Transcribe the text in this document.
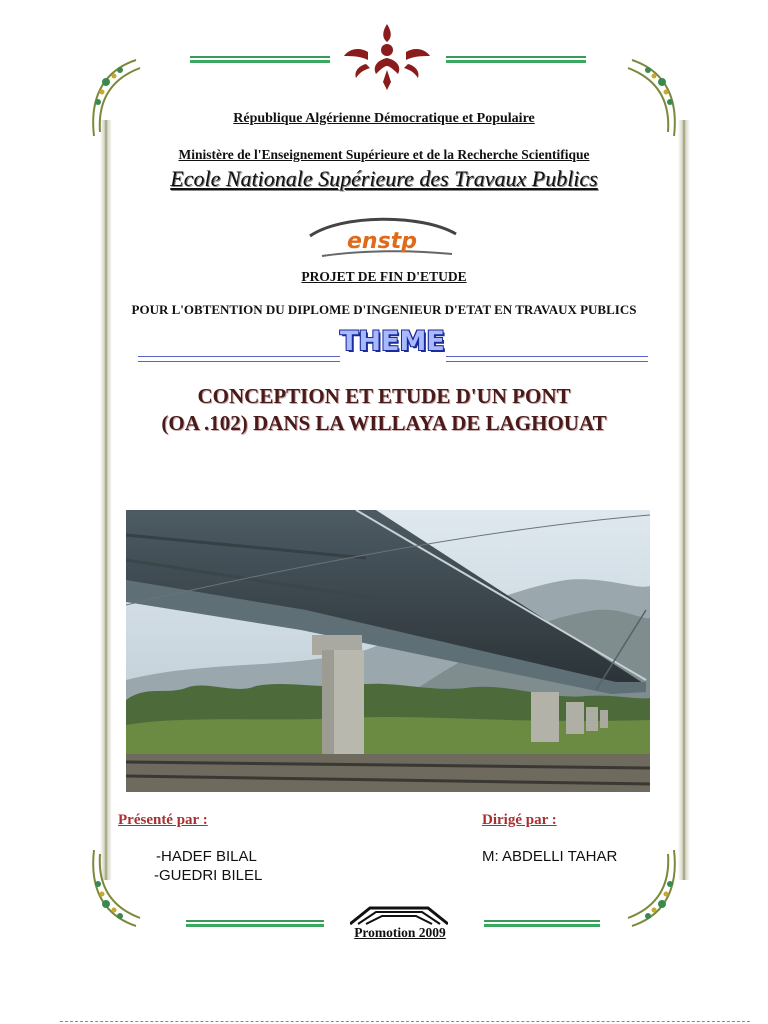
République Algérienne Démocratique et Populaire
Ministère de l'Enseignement Supérieure et de la Recherche Scientifique
Ecole Nationale Supérieure des Travaux Publics
enstp
PROJET DE FIN D'ETUDE
POUR L'OBTENTION DU DIPLOME D'INGENIEUR D'ETAT EN TRAVAUX PUBLICS
THEME
CONCEPTION ET ETUDE D'UN PONT
(OA .102) DANS LA WILLAYA DE LAGHOUAT
Présenté par :	Dirigé par :
-HADEF BILAL
-GUEDRI BILEL
M: ABDELLI TAHAR
Promotion 2009
